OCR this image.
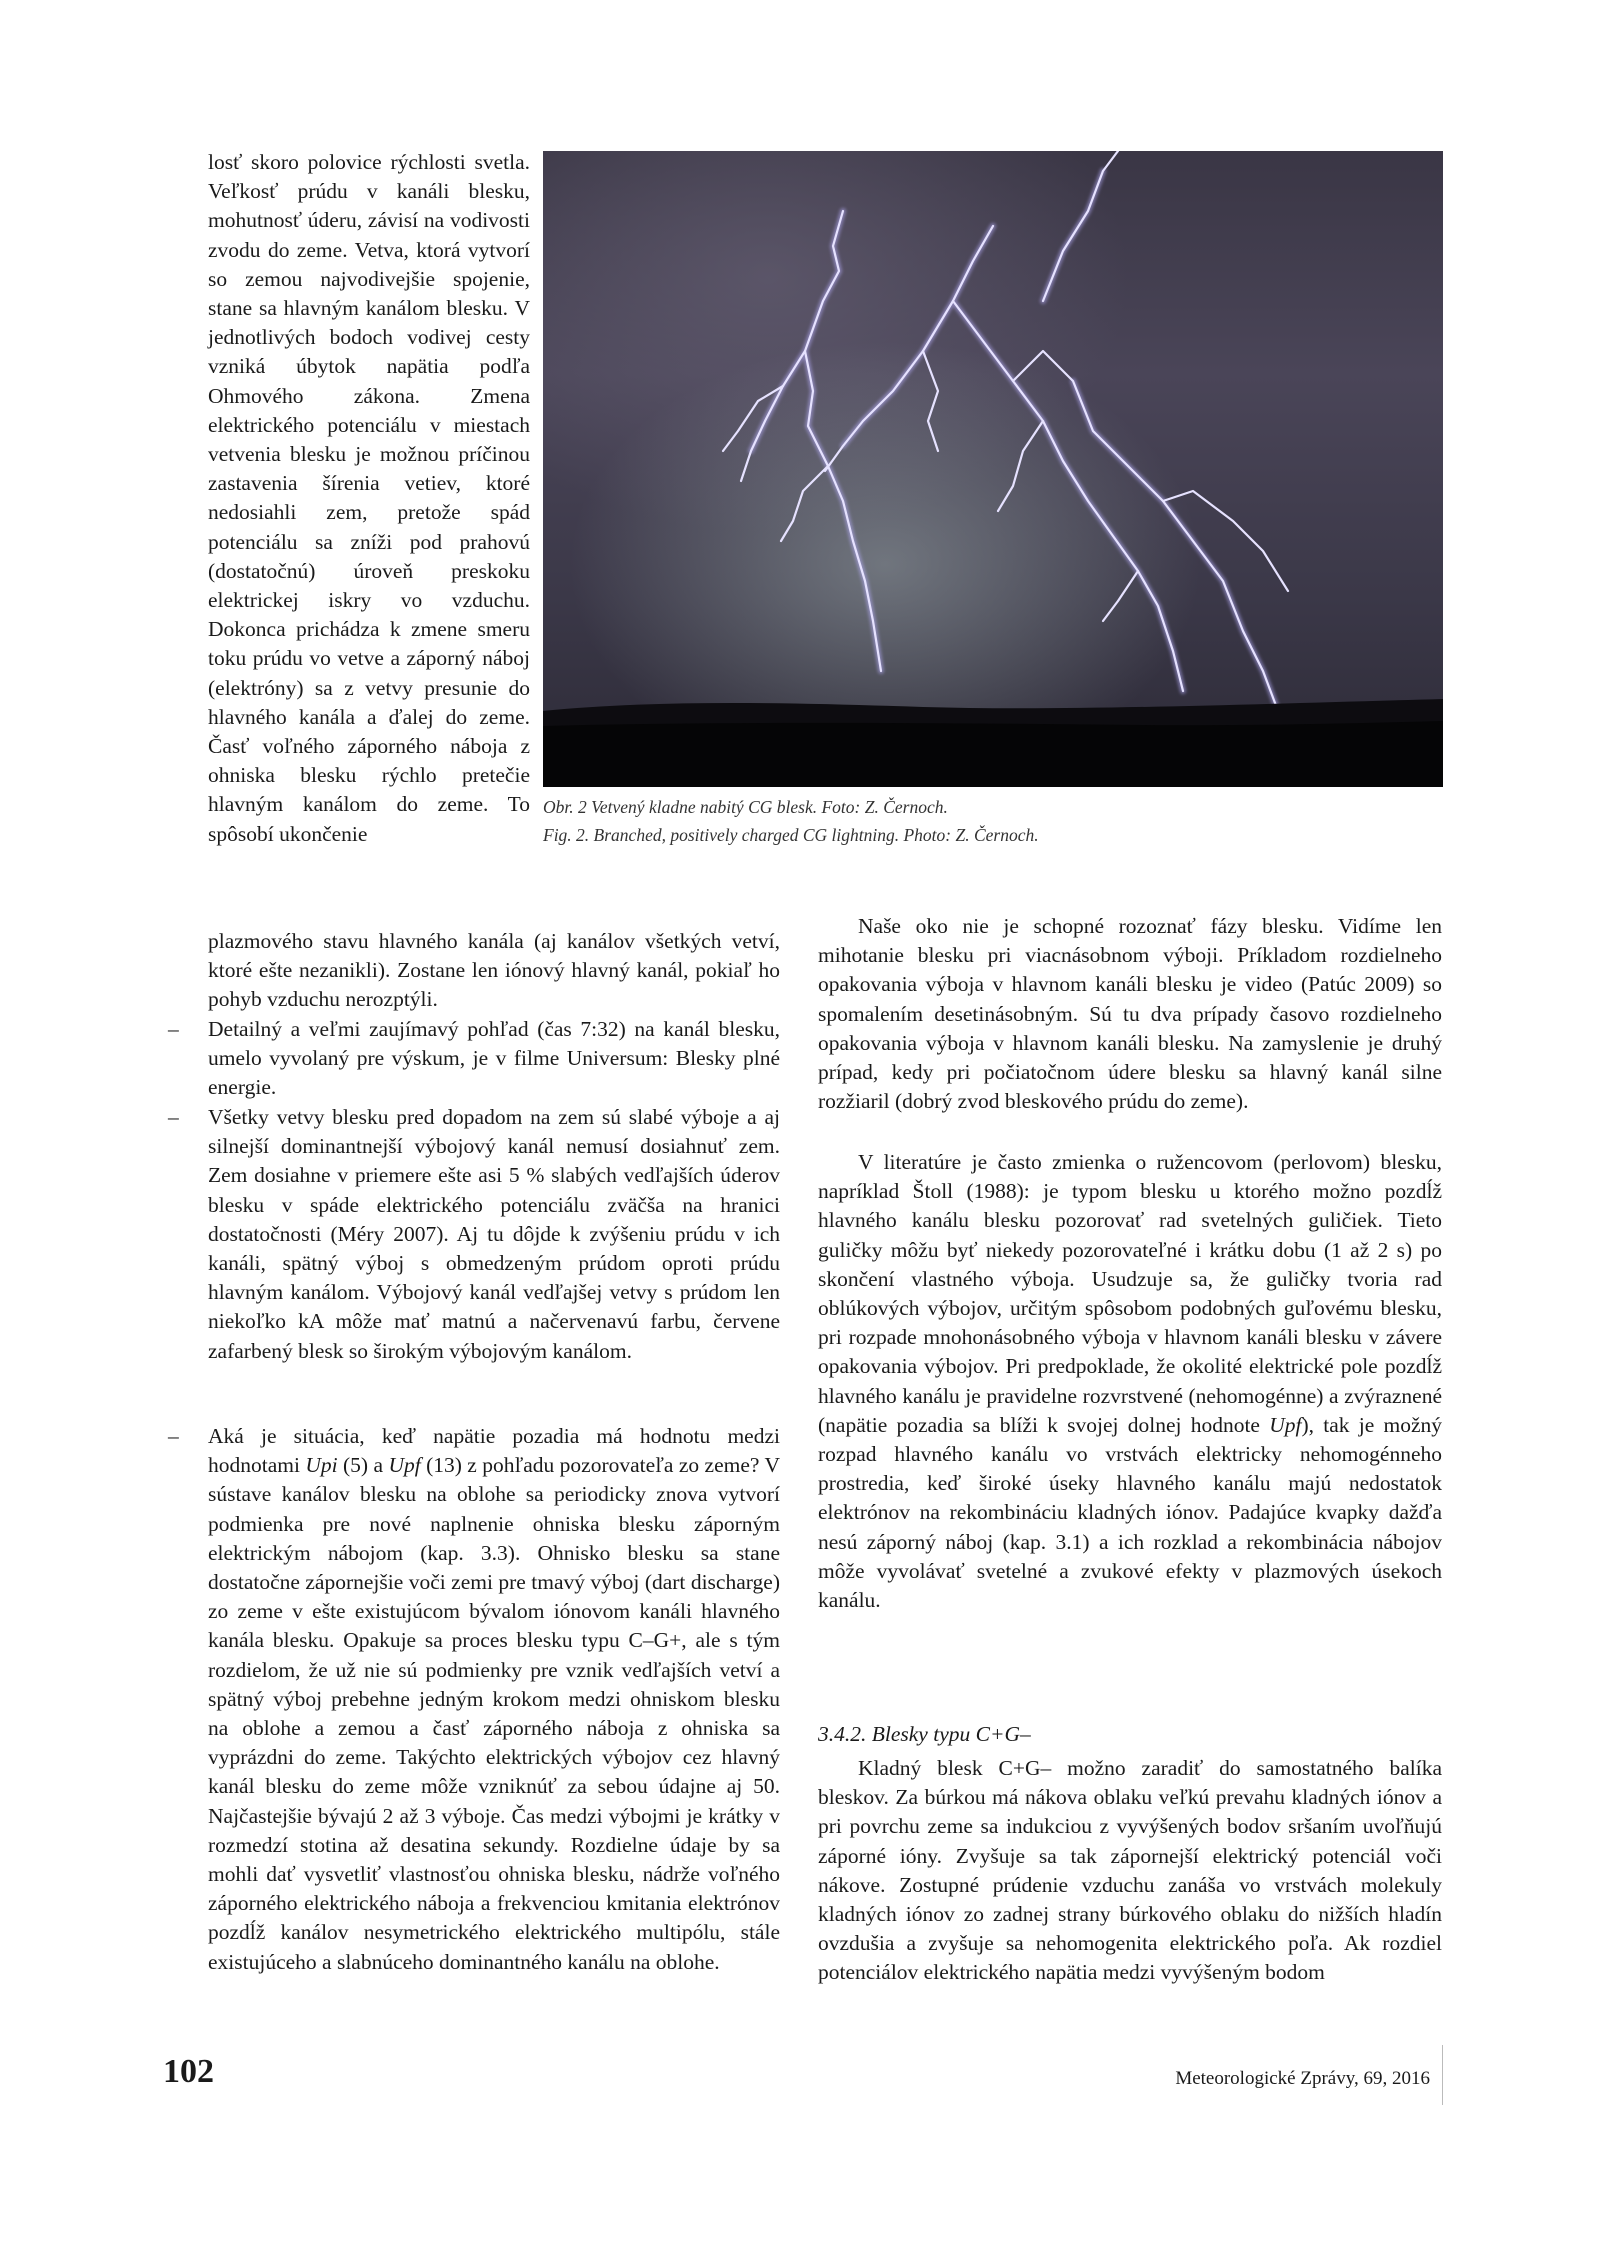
losť skoro polovice rýchlosti svetla. Veľkosť prúdu v kanáli blesku, mohutnosť úderu, závisí na vodivosti zvodu do zeme. Vetva, ktorá vytvorí so zemou najvodivejšie spojenie, stane sa hlavným kanálom blesku. V jednotlivých bodoch vodivej cesty vzniká úbytok napätia podľa Ohmového zákona. Zmena elektrického potenciálu v miestach vetvenia blesku je možnou príčinou zastavenia šírenia vetiev, ktoré nedosiahli zem, pretože spád potenciálu sa zníži pod prahovú (dostatočnú) úroveň preskoku elektrickej iskry vo vzduchu. Dokonca prichádza k zmene smeru toku prúdu vo vetve a záporný náboj (elektróny) sa z vetvy presunie do hlavného kanála a ďalej do zeme. Časť voľného záporného náboja z ohniska blesku rýchlo pretečie hlavným kanálom do zeme. To spôsobí ukončenie

Obr. 2 Vetvený kladne nabitý CG blesk. Foto: Z. Černoch.
Fig. 2. Branched, positively charged CG lightning. Photo: Z. Černoch.

plazmového stavu hlavného kanála (aj kanálov všetkých vetví, ktoré ešte nezanikli). Zostane len iónový hlavný kanál, pokiaľ ho pohyb vzduchu nerozptýli.

– Detailný a veľmi zaujímavý pohľad (čas 7:32) na kanál blesku, umelo vyvolaný pre výskum, je v filme Universum: Blesky plné energie.
– Všetky vetvy blesku pred dopadom na zem sú slabé výboje a aj silnejší dominantnejší výbojový kanál nemusí dosiahnuť zem. Zem dosiahne v priemere ešte asi 5 % slabých vedľajších úderov blesku v spáde elektrického potenciálu zväčša na hranici dostatočnosti (Méry 2007). Aj tu dôjde k zvýšeniu prúdu v ich kanáli, spätný výboj s obmedzeným prúdom oproti prúdu hlavným kanálom. Výbojový kanál vedľajšej vetvy s prúdom len niekoľko kA môže mať matnú a načervenavú farbu, červene zafarbený blesk so širokým výbojovým kanálom.
– Aká je situácia, keď napätie pozadia má hodnotu medzi hodnotami Upi (5) a Upf (13) z pohľadu pozorovateľa zo zeme? V sústave kanálov blesku na oblohe sa periodicky znova vytvorí podmienka pre nové naplnenie ohniska blesku záporným elektrickým nábojom (kap. 3.3). Ohnisko blesku sa stane dostatočne zápornejšie voči zemi pre tmavý výboj (dart discharge) zo zeme v ešte existujúcom bývalom iónovom kanáli hlavného kanála blesku. Opakuje sa proces blesku typu C–G+, ale s tým rozdielom, že už nie sú podmienky pre vznik vedľajších vetví a spätný výboj prebehne jedným krokom medzi ohniskom blesku na oblohe a zemou a časť záporného náboja z ohniska sa vyprázdni do zeme. Takýchto elektrických výbojov cez hlavný kanál blesku do zeme môže vzniknúť za sebou údajne aj 50. Najčastejšie bývajú 2 až 3 výboje. Čas medzi výbojmi je krátky v rozmedzí stotina až desatina sekundy. Rozdielne údaje by sa mohli dať vysvetliť vlastnosťou ohniska blesku, nádrže voľného záporného elektrického náboja a frekvenciou kmitania elektrónov pozdĺž kanálov nesymetrického elektrického multipólu, stále existujúceho a slabnúceho dominantného kanálu na oblohe.

Naše oko nie je schopné rozoznať fázy blesku. Vidíme len mihotanie blesku pri viacnásobnom výboji. Príkladom rozdielneho opakovania výboja v hlavnom kanáli blesku je video (Patúc 2009) so spomalením desetinásobným. Sú tu dva prípady časovo rozdielneho opakovania výboja v hlavnom kanáli blesku. Na zamyslenie je druhý prípad, kedy pri počiatočnom údere blesku sa hlavný kanál silne rozžiaril (dobrý zvod bleskového prúdu do zeme).

V literatúre je často zmienka o ružencovom (perlovom) blesku, napríklad Štoll (1988): je typom blesku u ktorého možno pozdĺž hlavného kanálu blesku pozorovať rad svetelných guličiek. Tieto guličky môžu byť niekedy pozorovateľné i krátku dobu (1 až 2 s) po skončení vlastného výboja. Usudzuje sa, že guličky tvoria rad oblúkových výbojov, určitým spôsobom podobných guľovému blesku, pri rozpade mnohonásobného výboja v hlavnom kanáli blesku v závere opakovania výbojov. Pri predpoklade, že okolité elektrické pole pozdĺž hlavného kanálu je pravidelne rozvrstvené (nehomogénne) a zvýraznené (napätie pozadia sa blíži k svojej dolnej hodnote Upf), tak je možný rozpad hlavného kanálu vo vrstvách elektricky nehomogénneho prostredia, keď široké úseky hlavného kanálu majú nedostatok elektrónov na rekombináciu kladných iónov. Padajúce kvapky dažďa nesú záporný náboj (kap. 3.1) a ich rozklad a rekombinácia nábojov môže vyvolávať svetelné a zvukové efekty v plazmových úsekoch kanálu.

3.4.2. Blesky typu C+G–

Kladný blesk C+G– možno zaradiť do samostatného balíka bleskov. Za búrkou má nákova oblaku veľkú prevahu kladných iónov a pri povrchu zeme sa indukciou z vyvýšených bodov sršaním uvoľňujú záporné ióny. Zvyšuje sa tak zápornejší elektrický potenciál voči nákove. Zostupné prúdenie vzduchu zanáša vo vrstvách molekuly kladných iónov zo zadnej strany búrkového oblaku do nižších hladín ovzdušia a zvyšuje sa nehomogenita elektrického poľa. Ak rozdiel potenciálov elektrického napätia medzi vyvýšeným bodom

102	Meteorologické Zprávy, 69, 2016
